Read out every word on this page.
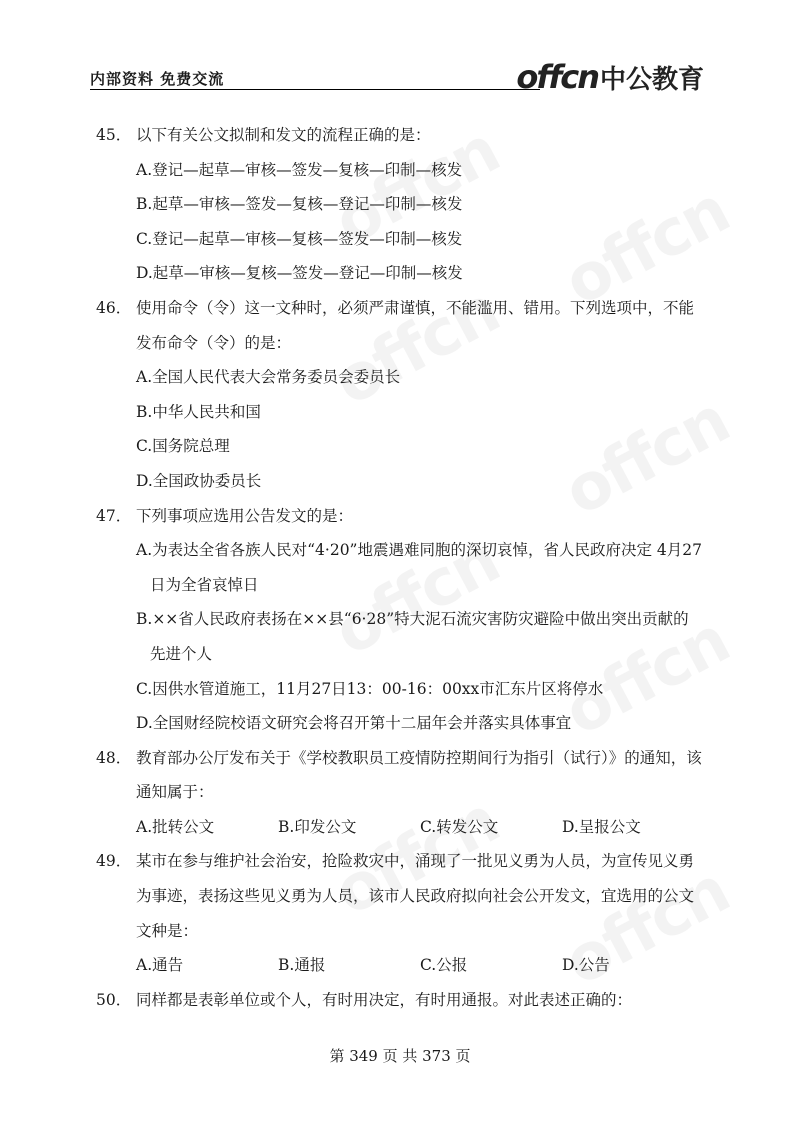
内部资料 免费交流	offcn 中公教育
45． 以下有关公文拟制和发文的流程正确的是：

A.登记—起草—审核—签发—复核—印制—核发

B.起草—审核—签发—复核—登记—印制—核发

C.登记—起草—审核—复核—签发—印制—核发

D.起草—审核—复核—签发—登记—印制—核发

46． 使用命令（令）这一文种时，必须严肃谨慎，不能滥用、错用。下列选项中，不能发布命令（令）的是：

A.全国人民代表大会常务委员会委员长

B.中华人民共和国

C.国务院总理

D.全国政协委员长

47． 下列事项应选用公告发文的是：

A.为表达全省各族人民对“4·20”地震遇难同胞的深切哀悼，省人民政府决定 4月27日为全省哀悼日

B.××省人民政府表扬在××县“6·28”特大泥石流灾害防灾避险中做出突出贡献的先进个人

C.因供水管道施工，11月27日13：00-16：00xx市汇东片区将停水

D.全国财经院校语文研究会将召开第十二届年会并落实具体事宜

48． 教育部办公厅发布关于《学校教职员工疫情防控期间行为指引（试行）》的通知，该通知属于：

A.批转公文	B.印发公文	C.转发公文	D.呈报公文

49． 某市在参与维护社会治安，抢险救灾中，涌现了一批见义勇为人员，为宣传见义勇为事迹，表扬这些见义勇为人员，该市人民政府拟向社会公开发文，宜选用的公文文种是：

A.通告	B.通报	C.公报	D.公告

50． 同样都是表彰单位或个人，有时用决定，有时用通报。对此表述正确的：

第 349 页 共 373 页
